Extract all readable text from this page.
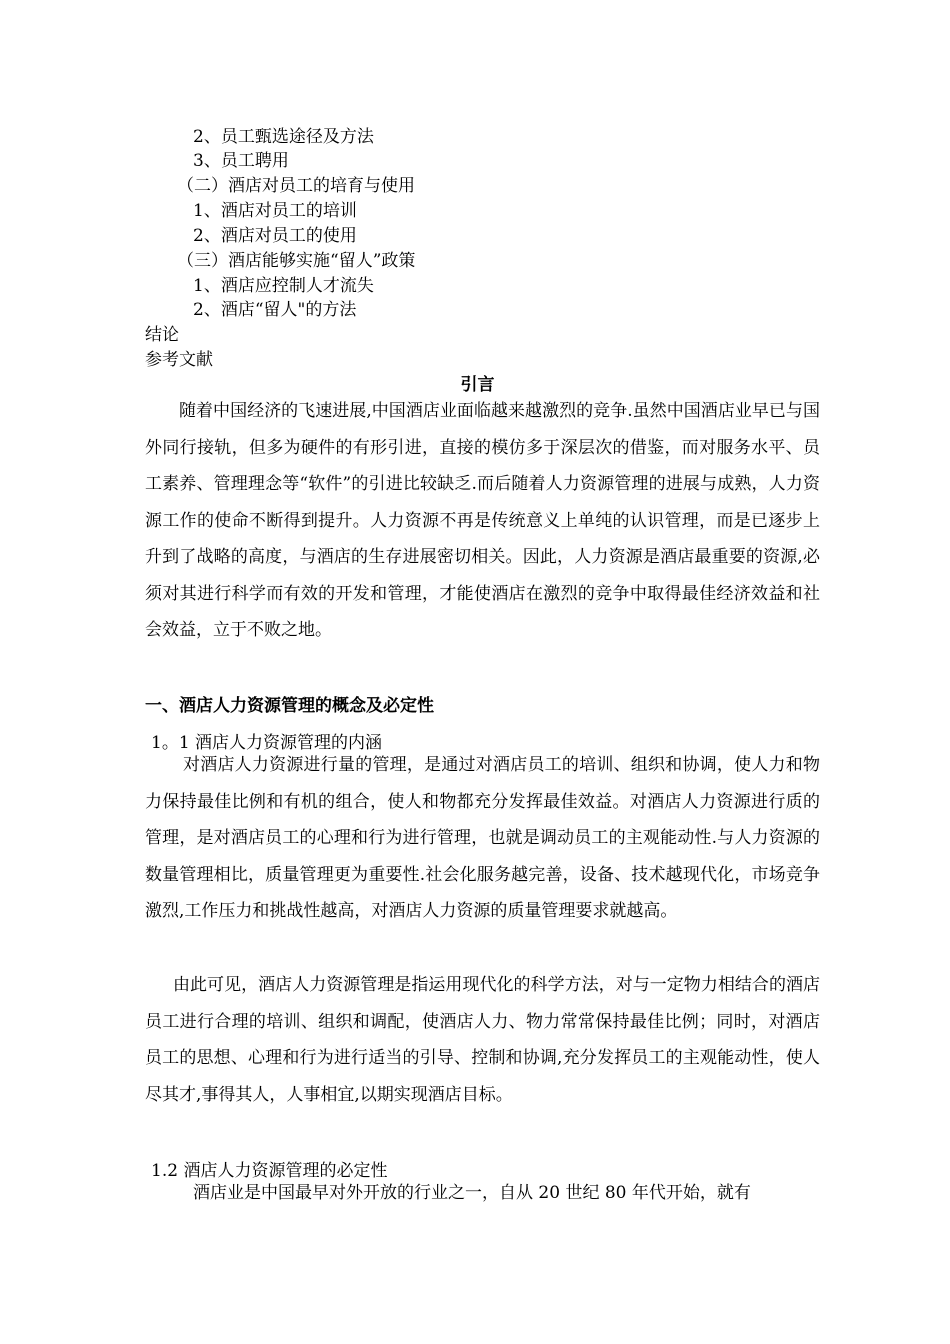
2、员工甄选途径及方法
3、员工聘用
（二）酒店对员工的培育与使用
1、酒店对员工的培训
2、酒店对员工的使用
（三）酒店能够实施“留人”政策
1、酒店应控制人才流失
2、酒店“留人"的方法
结论
参考文献
引言
随着中国经济的飞速进展,中国酒店业面临越来越激烈的竞争.虽然中国酒店业早已与国外同行接轨，但多为硬件的有形引进，直接的模仿多于深层次的借鉴，而对服务水平、员工素养、管理理念等“软件”的引进比较缺乏.而后随着人力资源管理的进展与成熟，人力资源工作的使命不断得到提升。人力资源不再是传统意义上单纯的认识管理，而是已逐步上升到了战略的高度，与酒店的生存进展密切相关。因此，人力资源是酒店最重要的资源,必须对其进行科学而有效的开发和管理，才能使酒店在激烈的竞争中取得最佳经济效益和社会效益，立于不败之地。
一、酒店人力资源管理的概念及必定性
1。1 酒店人力资源管理的内涵
对酒店人力资源进行量的管理，是通过对酒店员工的培训、组织和协调，使人力和物力保持最佳比例和有机的组合，使人和物都充分发挥最佳效益。对酒店人力资源进行质的管理，是对酒店员工的心理和行为进行管理，也就是调动员工的主观能动性.与人力资源的数量管理相比，质量管理更为重要性.社会化服务越完善，设备、技术越现代化，市场竞争激烈,工作压力和挑战性越高，对酒店人力资源的质量管理要求就越高。
由此可见，酒店人力资源管理是指运用现代化的科学方法，对与一定物力相结合的酒店员工进行合理的培训、组织和调配，使酒店人力、物力常常保持最佳比例；同时，对酒店员工的思想、心理和行为进行适当的引导、控制和协调,充分发挥员工的主观能动性，使人尽其才,事得其人，人事相宜,以期实现酒店目标。
1.2 酒店人力资源管理的必定性
酒店业是中国最早对外开放的行业之一，自从 20 世纪 80 年代开始，就有
